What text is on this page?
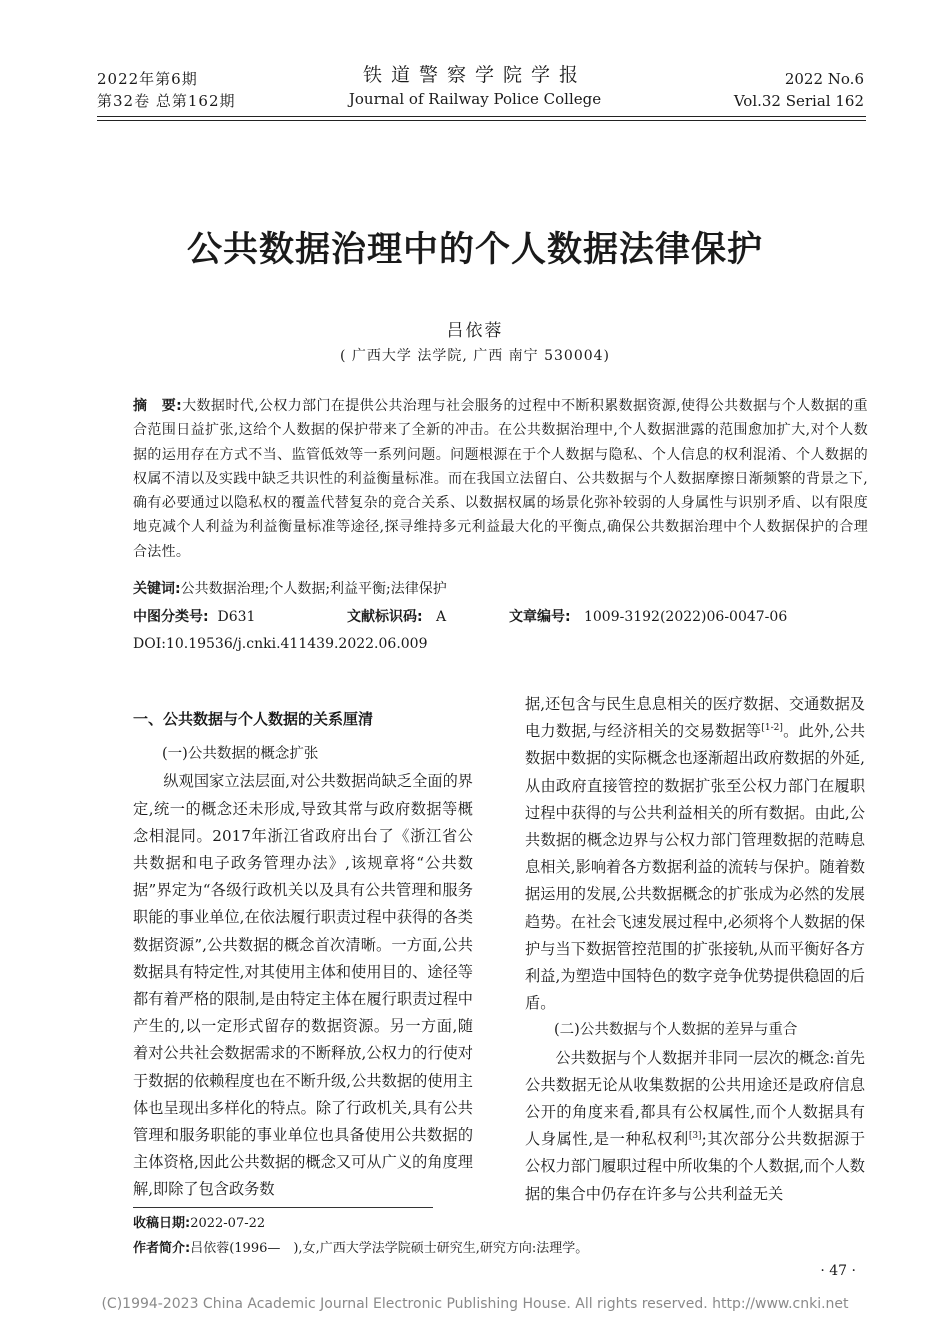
2022年第6期
第32卷 总第162期
铁道警察学院学报
Journal of Railway Police College
2022 No.6
Vol.32 Serial 162
公共数据治理中的个人数据法律保护
吕依蓉
( 广西大学 法学院, 广西 南宁 530004)
摘　要:大数据时代,公权力部门在提供公共治理与社会服务的过程中不断积累数据资源,使得公共数据与个人数据的重合范围日益扩张,这给个人数据的保护带来了全新的冲击。在公共数据治理中,个人数据泄露的范围愈加扩大,对个人数据的运用存在方式不当、监管低效等一系列问题。问题根源在于个人数据与隐私、个人信息的权利混淆、个人数据的权属不清以及实践中缺乏共识性的利益衡量标准。而在我国立法留白、公共数据与个人数据摩擦日渐频繁的背景之下,确有必要通过以隐私权的覆盖代替复杂的竞合关系、以数据权属的场景化弥补较弱的人身属性与识别矛盾、以有限度地克减个人利益为利益衡量标准等途径,探寻维持多元利益最大化的平衡点,确保公共数据治理中个人数据保护的合理合法性。
关键词:公共数据治理;个人数据;利益平衡;法律保护
中图分类号: D631	文献标识码: A	文章编号: 1009-3192(2022)06-0047-06
DOI:10.19536/j.cnki.411439.2022.06.009

一、公共数据与个人数据的关系厘清

(一)公共数据的概念扩张

纵观国家立法层面,对公共数据尚缺乏全面的界定,统一的概念还未形成,导致其常与政府数据等概念相混同。2017年浙江省政府出台了《浙江省公共数据和电子政务管理办法》,该规章将“公共数据”界定为“各级行政机关以及具有公共管理和服务职能的事业单位,在依法履行职责过程中获得的各类数据资源”,公共数据的概念首次清晰。一方面,公共数据具有特定性,对其使用主体和使用目的、途径等都有着严格的限制,是由特定主体在履行职责过程中产生的,以一定形式留存的数据资源。另一方面,随着对公共社会数据需求的不断释放,公权力的行使对于数据的依赖程度也在不断升级,公共数据的使用主体也呈现出多样化的特点。除了行政机关,具有公共管理和服务职能的事业单位也具备使用公共数据的主体资格,因此公共数据的概念又可从广义的角度理解,即除了包含政务数

据,还包含与民生息息相关的医疗数据、交通数据及电力数据,与经济相关的交易数据等[1-2]。此外,公共数据中数据的实际概念也逐渐超出政府数据的外延,从由政府直接管控的数据扩张至公权力部门在履职过程中获得的与公共利益相关的所有数据。由此,公共数据的概念边界与公权力部门管理数据的范畴息息相关,影响着各方数据利益的流转与保护。随着数据运用的发展,公共数据概念的扩张成为必然的发展趋势。在社会飞速发展过程中,必须将个人数据的保护与当下数据管控范围的扩张接轨,从而平衡好各方利益,为塑造中国特色的数字竞争优势提供稳固的后盾。

(二)公共数据与个人数据的差异与重合

公共数据与个人数据并非同一层次的概念:首先公共数据无论从收集数据的公共用途还是政府信息公开的角度来看,都具有公权属性,而个人数据具有人身属性,是一种私权利[3];其次部分公共数据源于公权力部门履职过程中所收集的个人数据,而个人数据的集合中仍存在许多与公共利益无关

收稿日期:2022-07-22
作者简介:吕依蓉(1996—　),女,广西大学法学院硕士研究生,研究方向:法理学。
· 47 ·
(C)1994-2023 China Academic Journal Electronic Publishing House. All rights reserved. http://www.cnki.net
